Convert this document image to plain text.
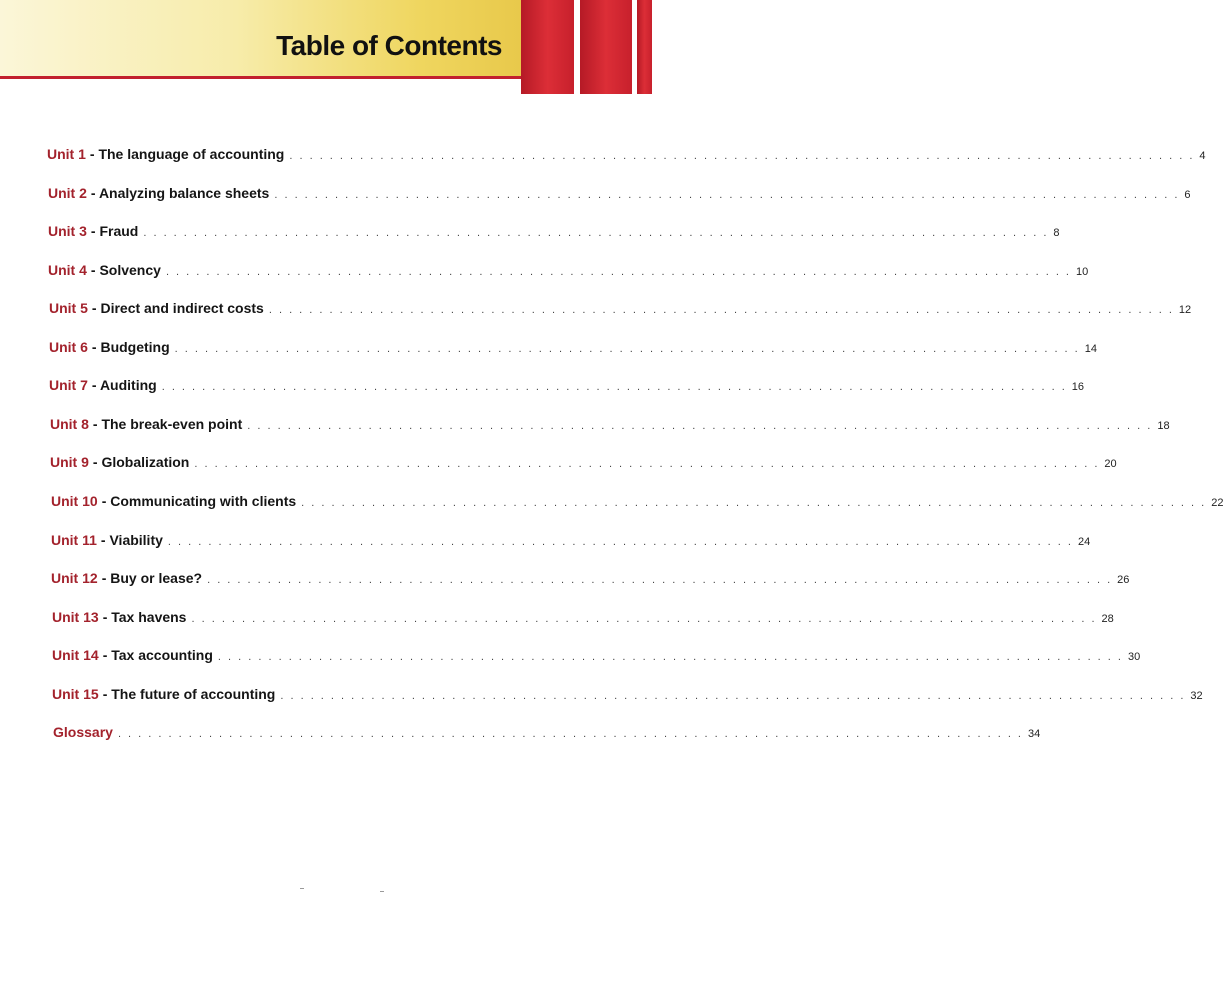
Table of Contents
Unit 1 - The language of accounting . . . . . . . . . . . . . . . . . . . . . . . . . . . . . . . . . . . . . . . . . . . . . . . . . . . . . . . . . . . . . . . . . . . . . . . . . . . . . . . . . . . . . . . . . . 4
Unit 2 - Analyzing balance sheets . . . . . . . . . . . . . . . . . . . . . . . . . . . . . . . . . . . . . . . . . . . . . . . . . . . . . . . . . . . . . . . . . . . . . . . . . . . . . . . . . . . . . . . . . . 6
Unit 3 - Fraud . . . . . . . . . . . . . . . . . . . . . . . . . . . . . . . . . . . . . . . . . . . . . . . . . . . . . . . . . . . . . . . . . . . . . . . . . . . . . . . . . . . . . . . . . . 8
Unit 4 - Solvency . . . . . . . . . . . . . . . . . . . . . . . . . . . . . . . . . . . . . . . . . . . . . . . . . . . . . . . . . . . . . . . . . . . . . . . . . . . . . . . . . . . . . . . . . . 10
Unit 5 - Direct and indirect costs . . . . . . . . . . . . . . . . . . . . . . . . . . . . . . . . . . . . . . . . . . . . . . . . . . . . . . . . . . . . . . . . . . . . . . . . . . . . . . . . . . . . . . . . . . 12
Unit 6 - Budgeting . . . . . . . . . . . . . . . . . . . . . . . . . . . . . . . . . . . . . . . . . . . . . . . . . . . . . . . . . . . . . . . . . . . . . . . . . . . . . . . . . . . . . . . . . . 14
Unit 7 - Auditing . . . . . . . . . . . . . . . . . . . . . . . . . . . . . . . . . . . . . . . . . . . . . . . . . . . . . . . . . . . . . . . . . . . . . . . . . . . . . . . . . . . . . . . . . . 16
Unit 8 - The break-even point . . . . . . . . . . . . . . . . . . . . . . . . . . . . . . . . . . . . . . . . . . . . . . . . . . . . . . . . . . . . . . . . . . . . . . . . . . . . . . . . . . . . . . . . . . 18
Unit 9 - Globalization . . . . . . . . . . . . . . . . . . . . . . . . . . . . . . . . . . . . . . . . . . . . . . . . . . . . . . . . . . . . . . . . . . . . . . . . . . . . . . . . . . . . . . . . . . 20
Unit 10 - Communicating with clients . . . . . . . . . . . . . . . . . . . . . . . . . . . . . . . . . . . . . . . . . . . . . . . . . . . . . . . . . . . . . . . . . . . . . . . . . . . . . . . . . . . . . . . . . . 22
Unit 11 - Viability . . . . . . . . . . . . . . . . . . . . . . . . . . . . . . . . . . . . . . . . . . . . . . . . . . . . . . . . . . . . . . . . . . . . . . . . . . . . . . . . . . . . . . . . . . 24
Unit 12 - Buy or lease? . . . . . . . . . . . . . . . . . . . . . . . . . . . . . . . . . . . . . . . . . . . . . . . . . . . . . . . . . . . . . . . . . . . . . . . . . . . . . . . . . . . . . . . . . . 26
Unit 13 - Tax havens . . . . . . . . . . . . . . . . . . . . . . . . . . . . . . . . . . . . . . . . . . . . . . . . . . . . . . . . . . . . . . . . . . . . . . . . . . . . . . . . . . . . . . . . . . 28
Unit 14 - Tax accounting . . . . . . . . . . . . . . . . . . . . . . . . . . . . . . . . . . . . . . . . . . . . . . . . . . . . . . . . . . . . . . . . . . . . . . . . . . . . . . . . . . . . . . . . . . 30
Unit 15 - The future of accounting . . . . . . . . . . . . . . . . . . . . . . . . . . . . . . . . . . . . . . . . . . . . . . . . . . . . . . . . . . . . . . . . . . . . . . . . . . . . . . . . . . . . . . . . . . 32
Glossary . . . . . . . . . . . . . . . . . . . . . . . . . . . . . . . . . . . . . . . . . . . . . . . . . . . . . . . . . . . . . . . . . . . . . . . . . . . . . . . . . . . . . . . . . . 34
